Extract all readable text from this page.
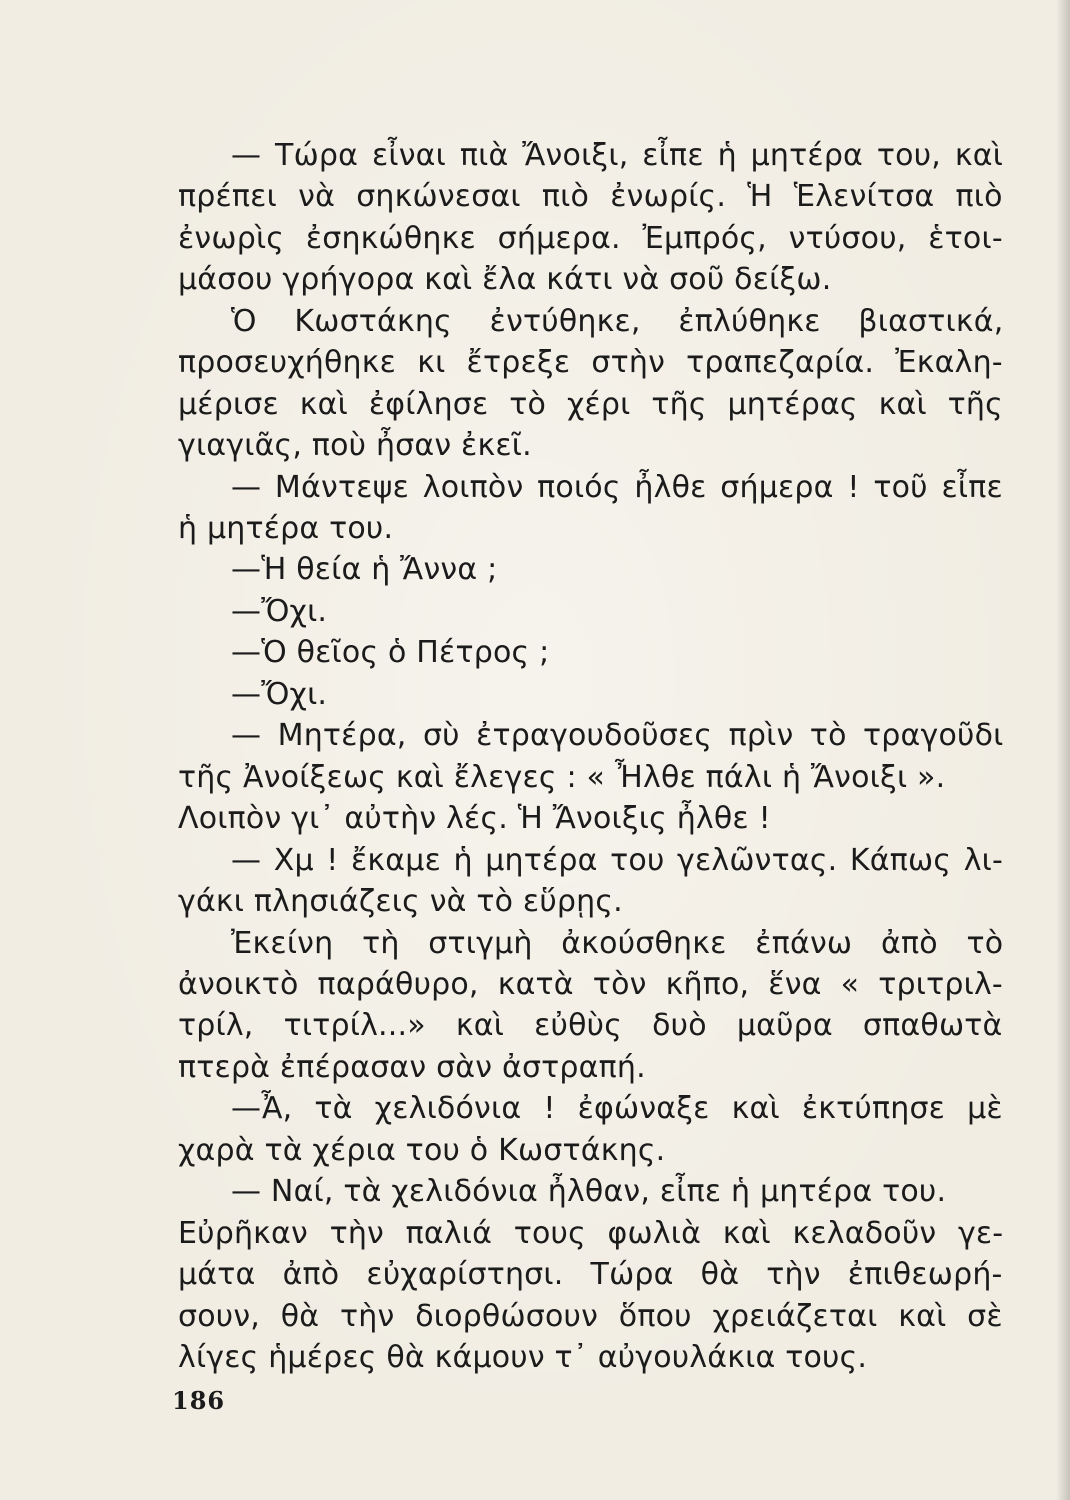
— Τώρα εἶναι πιὰ Ἄνοιξι, εἶπε ἡ μητέρα του, καὶ
πρέπει νὰ σηκώνεσαι πιὸ ἐνωρίς. Ἡ Ἑλενίτσα πιὸ
ἐνωρὶς ἐσηκώθηκε σήμερα. Ἐμπρός, ντύσου, ἑτοι-
μάσου γρήγορα καὶ ἔλα κάτι νὰ σοῦ δείξω.
Ὁ Κωστάκης ἐντύθηκε, ἐπλύθηκε βιαστικά,
προσευχήθηκε κι ἔτρεξε στὴν τραπεζαρία. Ἐκαλη-
μέρισε καὶ ἐφίλησε τὸ χέρι τῆς μητέρας καὶ τῆς
γιαγιᾶς, ποὺ ἦσαν ἐκεῖ.
— Μάντεψε λοιπὸν ποιός ἦλθε σήμερα ! τοῦ εἶπε
ἡ μητέρα του.
—Ἡ θεία ἡ Ἄννα ;
—Ὄχι.
—Ὁ θεῖος ὁ Πέτρος ;
—Ὄχι.
— Μητέρα, σὺ ἐτραγουδοῦσες πρὶν τὸ τραγοῦδι
τῆς Ἀνοίξεως καὶ ἔλεγες : « Ἦλθε πάλι ἡ Ἄνοιξι ».
Λοιπὸν γι᾿ αὐτὴν λές. Ἡ Ἄνοιξις ἦλθε !
— Χμ ! ἔκαμε ἡ μητέρα του γελῶντας. Κάπως λι-
γάκι πλησιάζεις νὰ τὸ εὕρῃς.
Ἐκείνη τὴ στιγμὴ ἀκούσθηκε ἐπάνω ἀπὸ τὸ
ἀνοικτὸ παράθυρο, κατὰ τὸν κῆπο, ἕνα « τριτριλ-
τρίλ, τιτρίλ...» καὶ εὐθὺς δυὸ μαῦρα σπαθωτὰ
πτερὰ ἐπέρασαν σὰν ἀστραπή.
—Ἆ, τὰ χελιδόνια ! ἐφώναξε καὶ ἐκτύπησε μὲ
χαρὰ τὰ χέρια του ὁ Κωστάκης.
— Ναί, τὰ χελιδόνια ἦλθαν, εἶπε ἡ μητέρα του.
Εὐρῆκαν τὴν παλιά τους φωλιὰ καὶ κελαδοῦν γε-
μάτα ἀπὸ εὐχαρίστησι. Τώρα θὰ τὴν ἐπιθεωρή-
σουν, θὰ τὴν διορθώσουν ὅπου χρειάζεται καὶ σὲ
λίγες ἡμέρες θὰ κάμουν τ᾿ αὐγουλάκια τους.
186
